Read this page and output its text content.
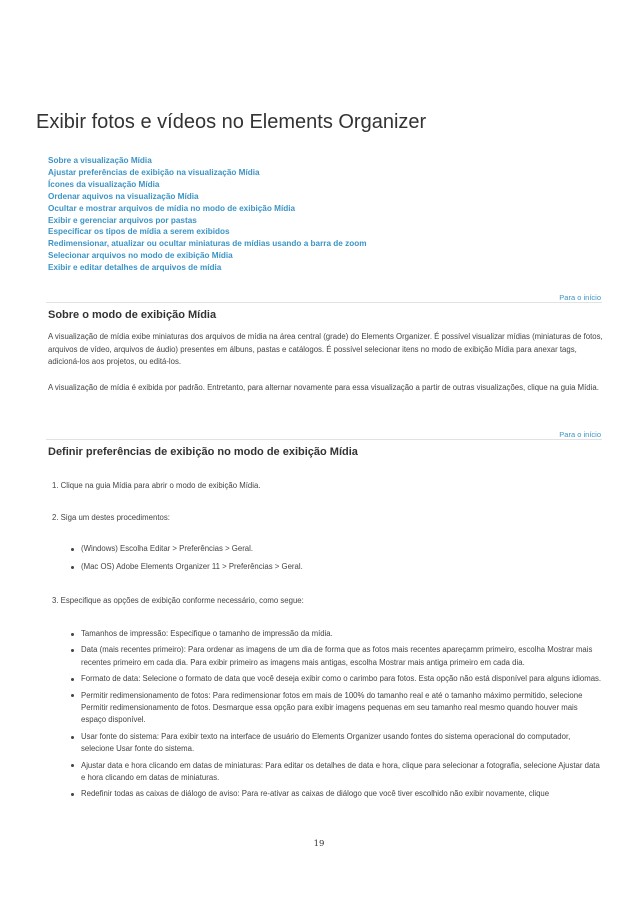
Exibir fotos e vídeos no Elements Organizer
Sobre a visualização Mídia
Ajustar preferências de exibição na visualização Mídia
Ícones da visualização Mídia
Ordenar aquivos na visualização Mídia
Ocultar e mostrar arquivos de mídia no modo de exibição Mídia
Exibir e gerenciar arquivos por pastas
Especificar os tipos de mídia a serem exibidos
Redimensionar, atualizar ou ocultar miniaturas de mídias usando a barra de zoom
Selecionar arquivos no modo de exibição Mídia
Exibir e editar detalhes de arquivos de mídia
Para o início
Sobre o modo de exibição Mídia

A visualização de mídia exibe miniaturas dos arquivos de mídia na área central (grade) do Elements Organizer. É possível visualizar mídias (miniaturas de fotos, arquivos de vídeo, arquivos de áudio) presentes em álbuns, pastas e catálogos. É possível selecionar itens no modo de exibição Mídia para anexar tags, adicioná-los aos projetos, ou editá-los.

A visualização de mídia é exibida por padrão. Entretanto, para alternar novamente para essa visualização a partir de outras visualizações, clique na guia Mídia.

Para o início
Definir preferências de exibição no modo de exibição Mídia

1. Clique na guia Mídia para abrir o modo de exibição Mídia.

2. Siga um destes procedimentos:

(Windows) Escolha Editar > Preferências > Geral.
(Mac OS) Adobe Elements Organizer 11 > Preferências > Geral.

3. Especifique as opções de exibição conforme necessário, como segue:

Tamanhos de impressão: Especifique o tamanho de impressão da mídia.
Data (mais recentes primeiro): Para ordenar as imagens de um dia de forma que as fotos mais recentes apareçamm primeiro, escolha Mostrar mais recentes primeiro em cada dia. Para exibir primeiro as imagens mais antigas, escolha Mostrar mais antiga primeiro em cada dia.
Formato de data: Selecione o formato de data que você deseja exibir como o carimbo para fotos. Esta opção não está disponível para alguns idiomas.
Permitir redimensionamento de fotos: Para redimensionar fotos em mais de 100% do tamanho real e até o tamanho máximo permitido, selecione Permitir redimensionamento de fotos. Desmarque essa opção para exibir imagens pequenas em seu tamanho real mesmo quando houver mais espaço disponível.
Usar fonte do sistema: Para exibir texto na interface de usuário do Elements Organizer usando fontes do sistema operacional do computador, selecione Usar fonte do sistema.
Ajustar data e hora clicando em datas de miniaturas: Para editar os detalhes de data e hora, clique para selecionar a fotografia, selecione Ajustar data e hora clicando em datas de miniaturas.
Redefinir todas as caixas de diálogo de aviso: Para re-ativar as caixas de diálogo que você tiver escolhido não exibir novamente, clique
19
